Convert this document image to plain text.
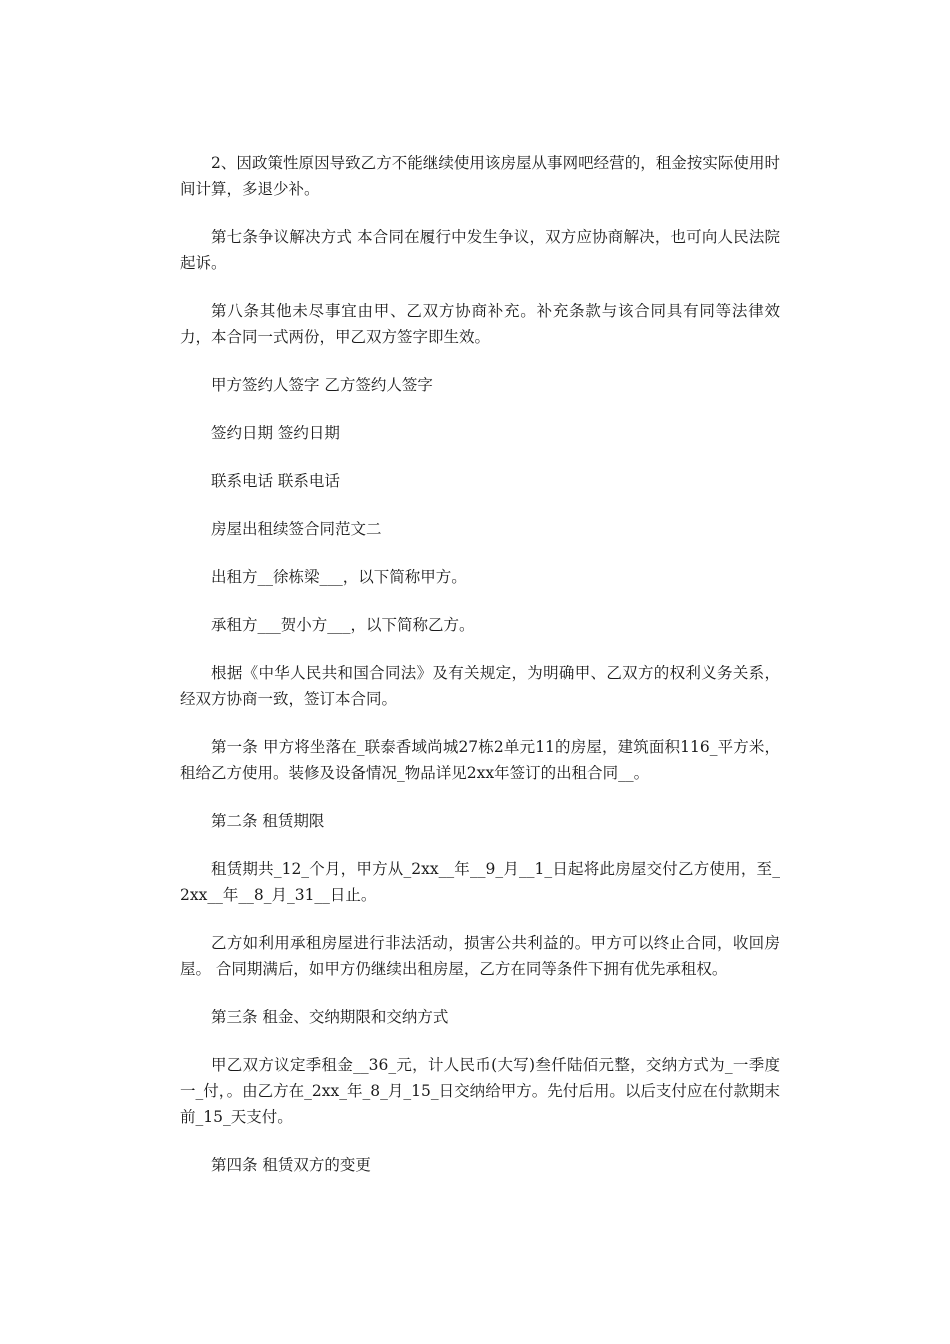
2、因政策性原因导致乙方不能继续使用该房屋从事网吧经营的，租金按实际使用时间计算，多退少补。

第七条争议解决方式 本合同在履行中发生争议，双方应协商解决，也可向人民法院起诉。

第八条其他未尽事宜由甲、乙双方协商补充。补充条款与该合同具有同等法律效力，本合同一式两份，甲乙双方签字即生效。

甲方签约人签字 乙方签约人签字

签约日期 签约日期

联系电话 联系电话

房屋出租续签合同范文二

出租方__徐栋梁___，以下简称甲方。

承租方___贺小方___，以下简称乙方。

根据《中华人民共和国合同法》及有关规定，为明确甲、乙双方的权利义务关系，经双方协商一致，签订本合同。

第一条 甲方将坐落在_联泰香域尚城27栋2单元11的房屋，建筑面积116_平方米，租给乙方使用。装修及设备情况_物品详见2xx年签订的出租合同__。

第二条 租赁期限

租赁期共_12_个月，甲方从_2xx__年__9_月__1_日起将此房屋交付乙方使用，至_2xx__年__8_月_31__日止。

乙方如利用承租房屋进行非法活动，损害公共利益的。甲方可以终止合同，收回房屋。 合同期满后，如甲方仍继续出租房屋，乙方在同等条件下拥有优先承租权。

第三条 租金、交纳期限和交纳方式

甲乙双方议定季租金__36_元，计人民币(大写)叁仟陆佰元整，交纳方式为_一季度一_付，。由乙方在_2xx_年_8_月_15_日交纳给甲方。先付后用。以后支付应在付款期末前_15_天支付。

第四条 租赁双方的变更
